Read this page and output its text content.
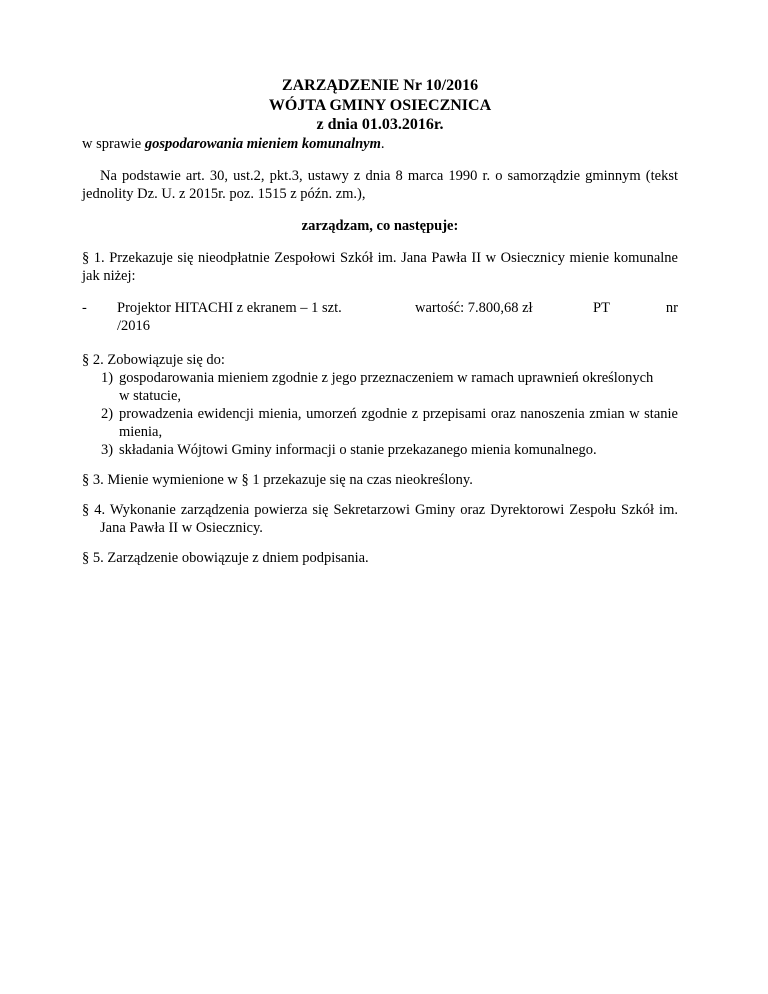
ZARZĄDZENIE Nr 10/2016

WÓJTA GMINY OSIECZNICA

z dnia 01.03.2016r.

w sprawie gospodarowania mieniem komunalnym.

Na podstawie art. 30, ust.2, pkt.3, ustawy z dnia 8 marca 1990 r. o samorządzie gminnym (tekst jednolity Dz. U. z 2015r. poz. 1515 z późn. zm.),

zarządzam, co następuje:

§ 1. Przekazuje się nieodpłatnie Zespołowi Szkół im. Jana Pawła II w Osiecznicy mienie komunalne jak niżej:

- Projektor HITACHI z ekranem – 1 szt. /2016
wartość: 7.800,68 zł	PT	nr

§ 2. Zobowiązuje się do:

1) gospodarowania mieniem zgodnie z jego przeznaczeniem w ramach uprawnień określonych
w statucie,
2) prowadzenia ewidencji mienia, umorzeń zgodnie z przepisami oraz nanoszenia zmian w stanie mienia,
3) składania Wójtowi Gminy informacji o stanie przekazanego mienia komunalnego.

§ 3. Mienie wymienione w § 1 przekazuje się na czas nieokreślony.

§ 4. Wykonanie zarządzenia powierza się Sekretarzowi Gminy oraz Dyrektorowi Zespołu Szkół im. Jana Pawła II w Osiecznicy.

§ 5. Zarządzenie obowiązuje z dniem podpisania.
